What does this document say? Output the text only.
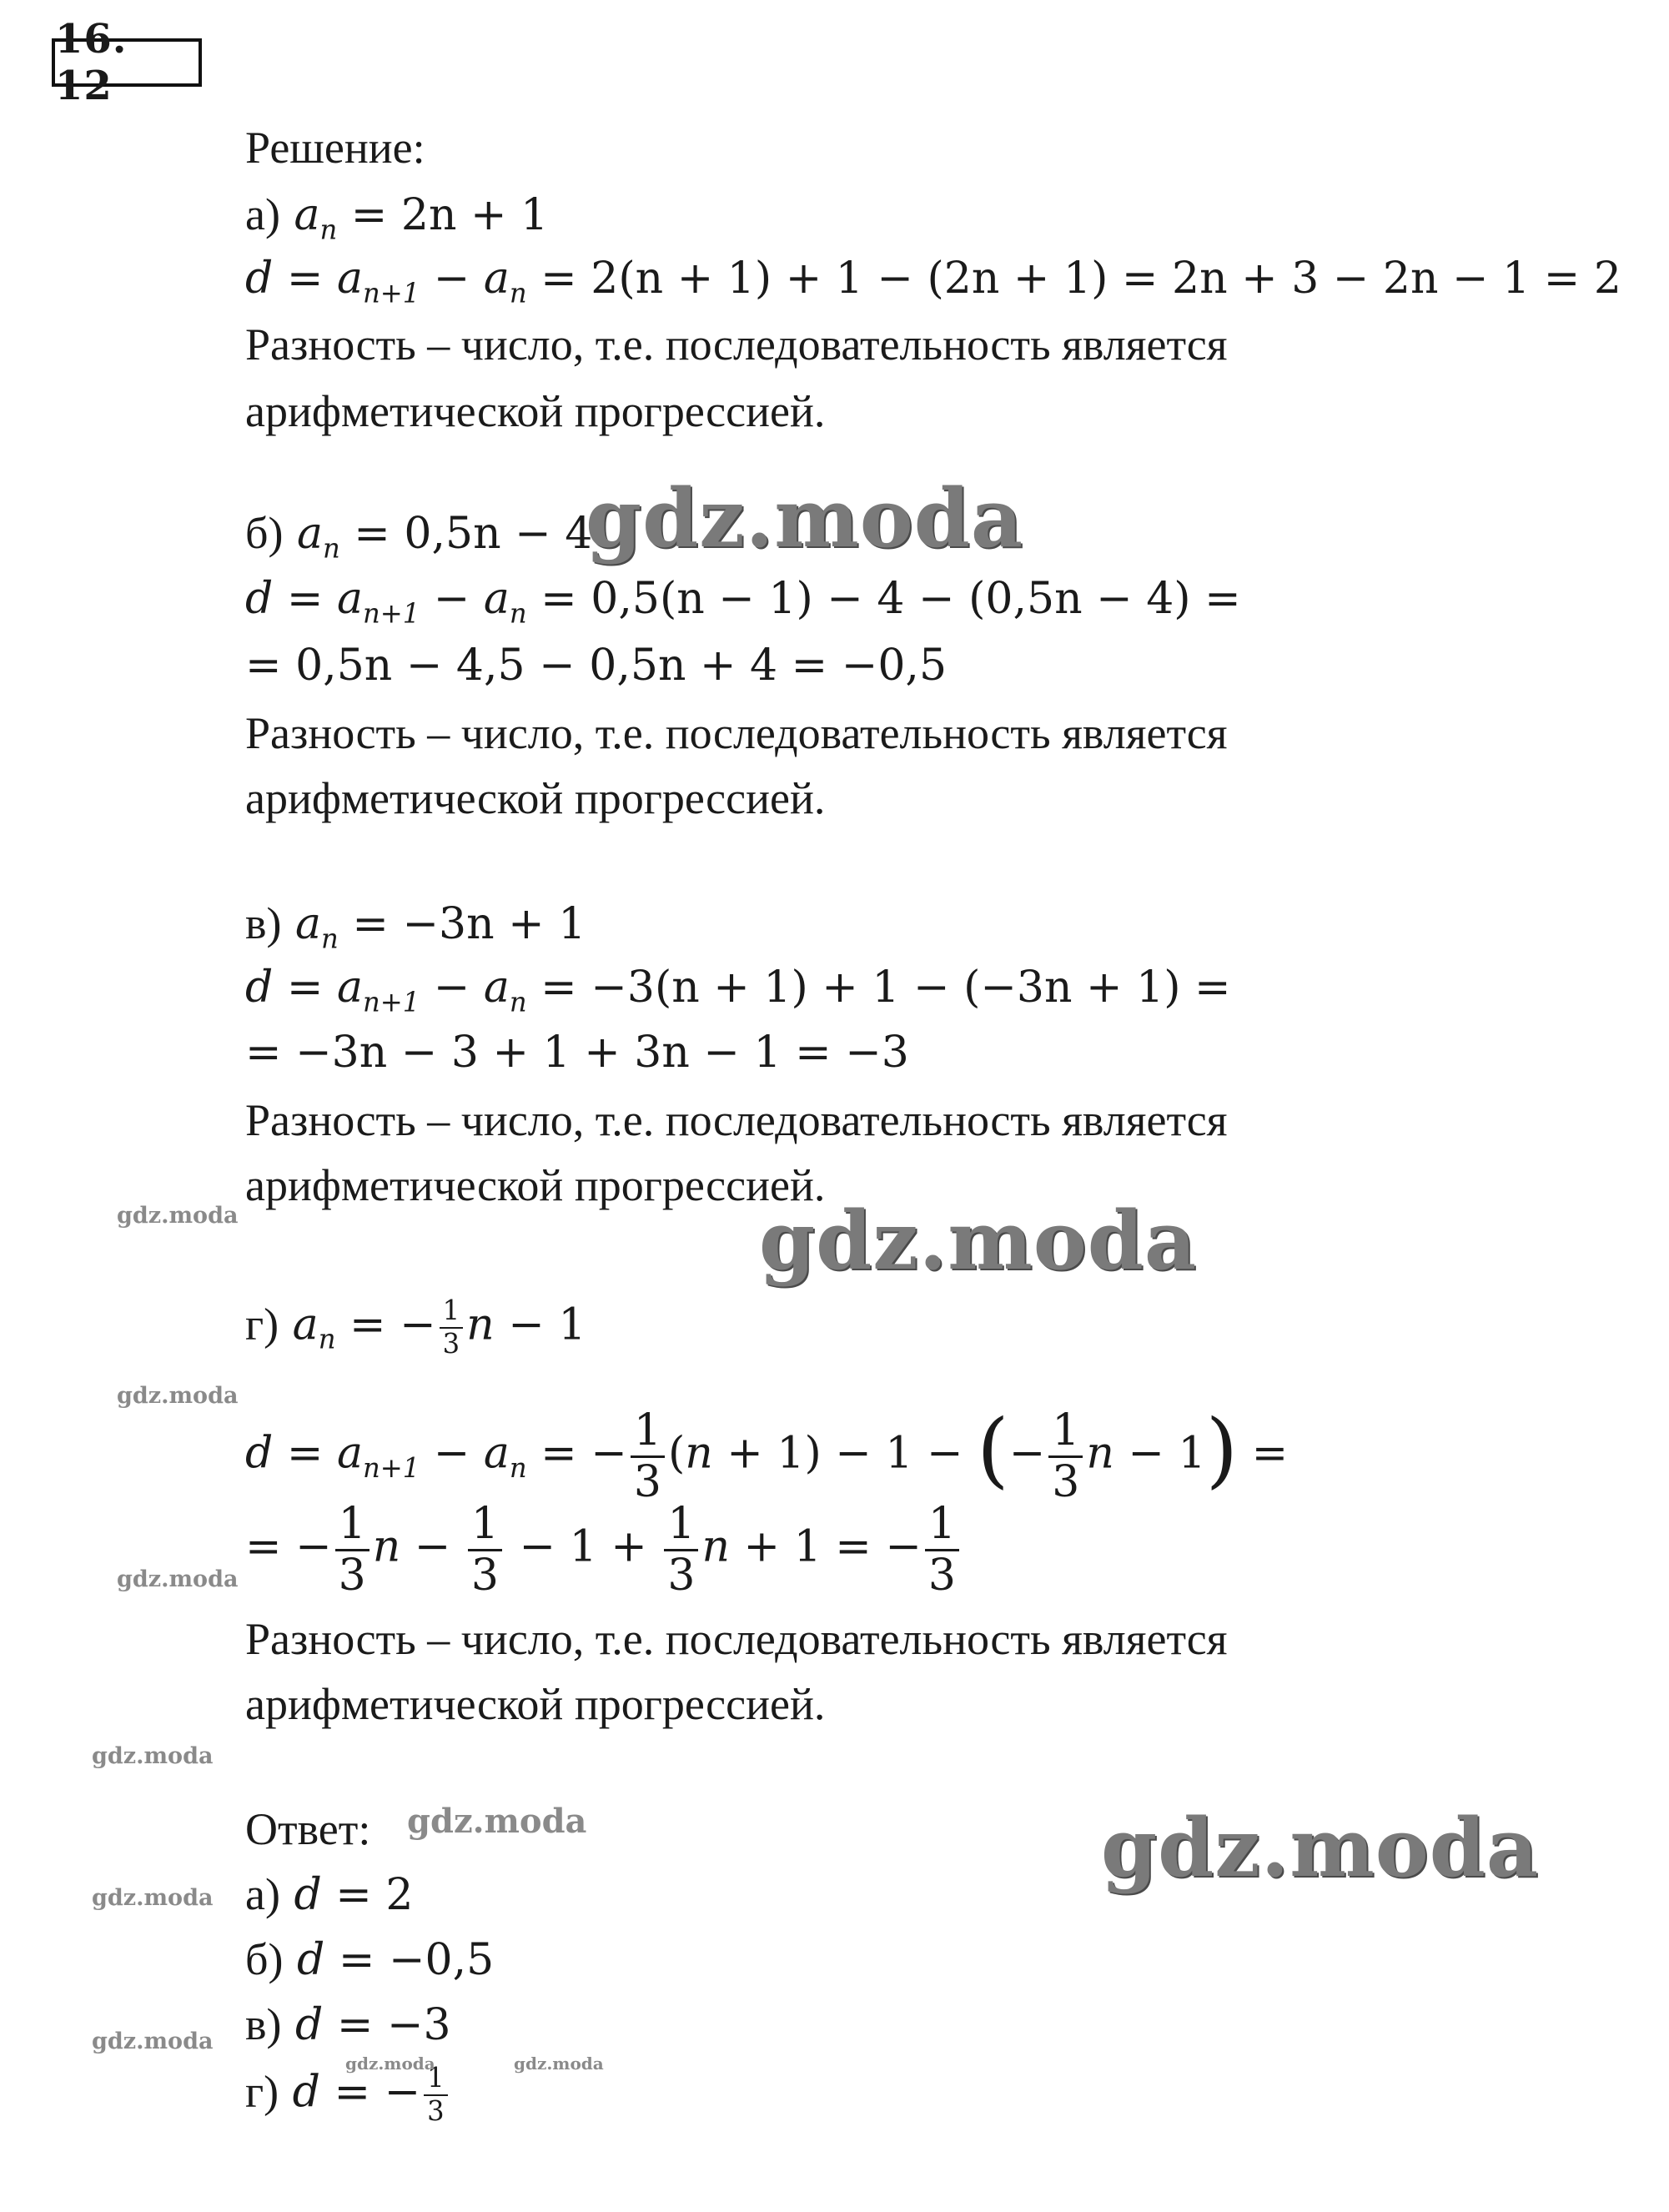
16. 12
Решение:
а) $a_n = 2n + 1$
$d = a_{n+1} - a_n = 2(n + 1) + 1 - (2n + 1) = 2n + 3 - 2n - 1 = 2$
Разность – число, т.е. последовательность является
арифметической прогрессией.
б) $a_n = 0,5n - 4$
$d = a_{n+1} - a_n = 0,5(n - 1) - 4 - (0,5n - 4)$ =
= 0,5n − 4,5 − 0,5n + 4 = −0,5
Разность – число, т.е. последовательность является
арифметической прогрессией.
в) $a_n = -3n + 1$
$d = a_{n+1} - a_n = -3(n + 1) + 1 - (-3n + 1)$ =
= −3n − 3 + 1 + 3n − 1 = −3
Разность – число, т.е. последовательность является
арифметической прогрессией.
г) $a_n$ = − $\frac{1}{3}$ n − 1
$d = a_{n+1} - a_n$ = − $\frac{1}{3} (n + 1) - 1$ − (− $\frac{1}{3}$ n − 1) =
= − $\frac{1}{3}$ $n - \frac{1}{3} - 1 + \frac{1}{3}$ n + 1 = − $\frac{1}{3}$
Разность – число, т.е. последовательность является
арифметической прогрессией.
Ответ:
а) d = 2
б) d = −0,5
в) d = −3
г) d = − $\frac{1}{3}$
gdz.moda
gdz.moda
gdz.moda
gdz.moda
gdz.moda
gdz.moda
gdz.moda
gdz.moda
gdz.moda
gdz.moda
gdz.moda	gdz.moda
